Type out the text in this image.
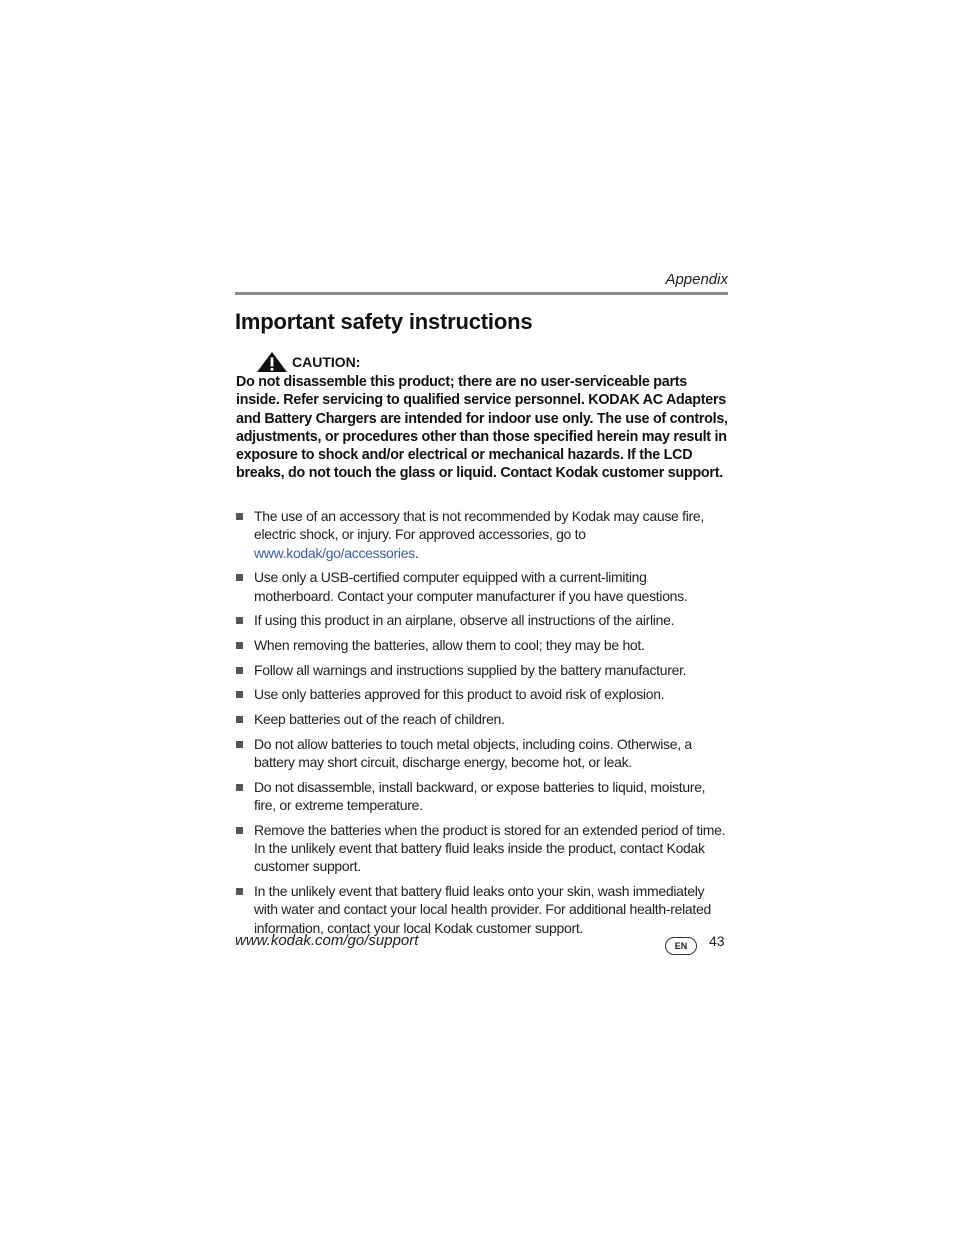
Appendix
Important safety instructions
CAUTION:

Do not disassemble this product; there are no user-serviceable parts inside. Refer servicing to qualified service personnel. KODAK AC Adapters and Battery Chargers are intended for indoor use only. The use of controls, adjustments, or procedures other than those specified herein may result in exposure to shock and/or electrical or mechanical hazards. If the LCD breaks, do not touch the glass or liquid. Contact Kodak customer support.

The use of an accessory that is not recommended by Kodak may cause fire, electric shock, or injury. For approved accessories, go to www.kodak/go/accessories.
Use only a USB-certified computer equipped with a current-limiting motherboard. Contact your computer manufacturer if you have questions.
If using this product in an airplane, observe all instructions of the airline.
When removing the batteries, allow them to cool; they may be hot.
Follow all warnings and instructions supplied by the battery manufacturer.
Use only batteries approved for this product to avoid risk of explosion.
Keep batteries out of the reach of children.
Do not allow batteries to touch metal objects, including coins. Otherwise, a battery may short circuit, discharge energy, become hot, or leak.
Do not disassemble, install backward, or expose batteries to liquid, moisture, fire, or extreme temperature.
Remove the batteries when the product is stored for an extended period of time. In the unlikely event that battery fluid leaks inside the product, contact Kodak customer support.
In the unlikely event that battery fluid leaks onto your skin, wash immediately with water and contact your local health provider. For additional health-related information, contact your local Kodak customer support.
www.kodak.com/go/support	EN	43
